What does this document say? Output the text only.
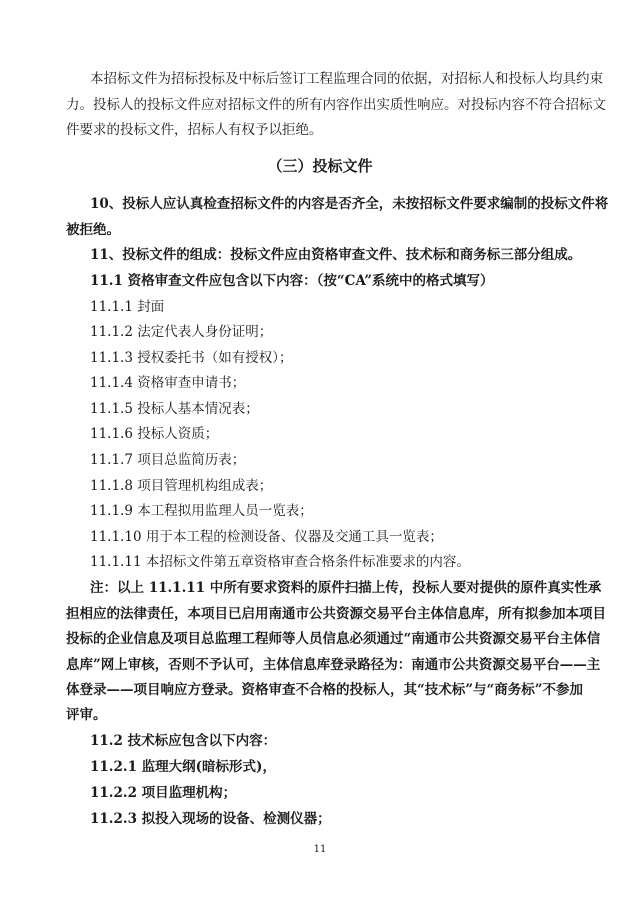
本招标文件为招标投标及中标后签订工程监理合同的依据，对招标人和投标人均具约束
力。投标人的投标文件应对招标文件的所有内容作出实质性响应。对投标内容不符合招标文
件要求的投标文件，招标人有权予以拒绝。
（三）投标文件
10、投标人应认真检查招标文件的内容是否齐全，未按招标文件要求编制的投标文件将
被拒绝。
11、投标文件的组成：投标文件应由资格审查文件、技术标和商务标三部分组成。
11.1 资格审查文件应包含以下内容：（按“CA”系统中的格式填写）
11.1.1 封面
11.1.2 法定代表人身份证明；
11.1.3 授权委托书（如有授权）；
11.1.4 资格审查申请书；
11.1.5 投标人基本情况表；
11.1.6 投标人资质；
11.1.7 项目总监简历表；
11.1.8 项目管理机构组成表；
11.1.9 本工程拟用监理人员一览表；
11.1.10 用于本工程的检测设备、仪器及交通工具一览表；
11.1.11 本招标文件第五章资格审查合格条件标准要求的内容。
注：以上 11.1.11 中所有要求资料的原件扫描上传，投标人要对提供的原件真实性承
担相应的法律责任，本项目已启用南通市公共资源交易平台主体信息库，所有拟参加本项目
投标的企业信息及项目总监理工程师等人员信息必须通过“南通市公共资源交易平台主体信
息库”网上审核，否则不予认可，主体信息库登录路径为：南通市公共资源交易平台——主
体登录——项目响应方登录。资格审查不合格的投标人，其“技术标”与“商务标”不参加
评审。
11.2 技术标应包含以下内容：
11.2.1 监理大纲(暗标形式)，
11.2.2 项目监理机构；
11.2.3 拟投入现场的设备、检测仪器；
11
